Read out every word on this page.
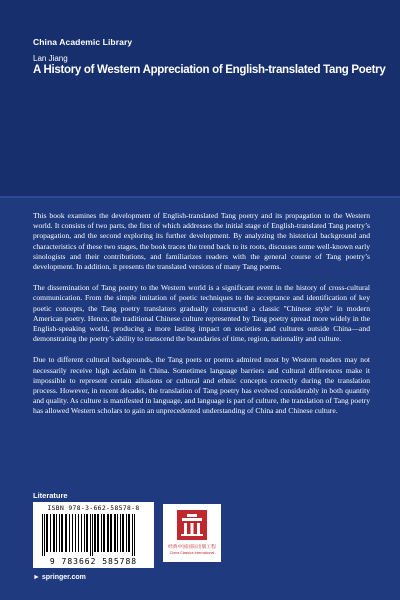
China Academic Library
Lan Jiang
A History of Western Appreciation of English-translated Tang Poetry

This book examines the development of English-translated Tang poetry and its propagation to the Western world. It consists of two parts, the first of which addresses the initial stage of English-translated Tang poetry’s propagation, and the second exploring its further development. By analyzing the historical background and characteristics of these two stages, the book traces the trend back to its roots, discusses some well-known early sinologists and their contributions, and familiarizes readers with the general course of Tang poetry’s development. In addition, it presents the translated versions of many Tang poems.

The dissemination of Tang poetry to the Western world is a significant event in the history of cross-cultural communication. From the simple imitation of poetic techniques to the acceptance and identification of key poetic concepts, the Tang poetry translators gradually constructed a classic "Chinese style" in modern American poetry. Hence, the traditional Chinese culture represented by Tang poetry spread more widely in the English-speaking world, producing a more lasting impact on societies and cultures outside China—and demonstrating the poetry’s ability to transcend the boundaries of time, region, nationality and culture.

Due to different cultural backgrounds, the Tang poets or poems admired most by Western readers may not necessarily receive high acclaim in China. Sometimes language barriers and cultural differences make it impossible to represent certain allusions or cultural and ethnic concepts correctly during the translation process. However, in recent decades, the translation of Tang poetry has evolved considerably in both quantity and quality. As culture is manifested in language, and language is part of culture, the translation of Tang poetry has allowed Western scholars to gain an unprecedented understanding of China and Chinese culture.

Literature
ISBN 978-3-662-58578-8
9 783662 585788
经典中国国际出版工程
China Classics International
► springer.com
